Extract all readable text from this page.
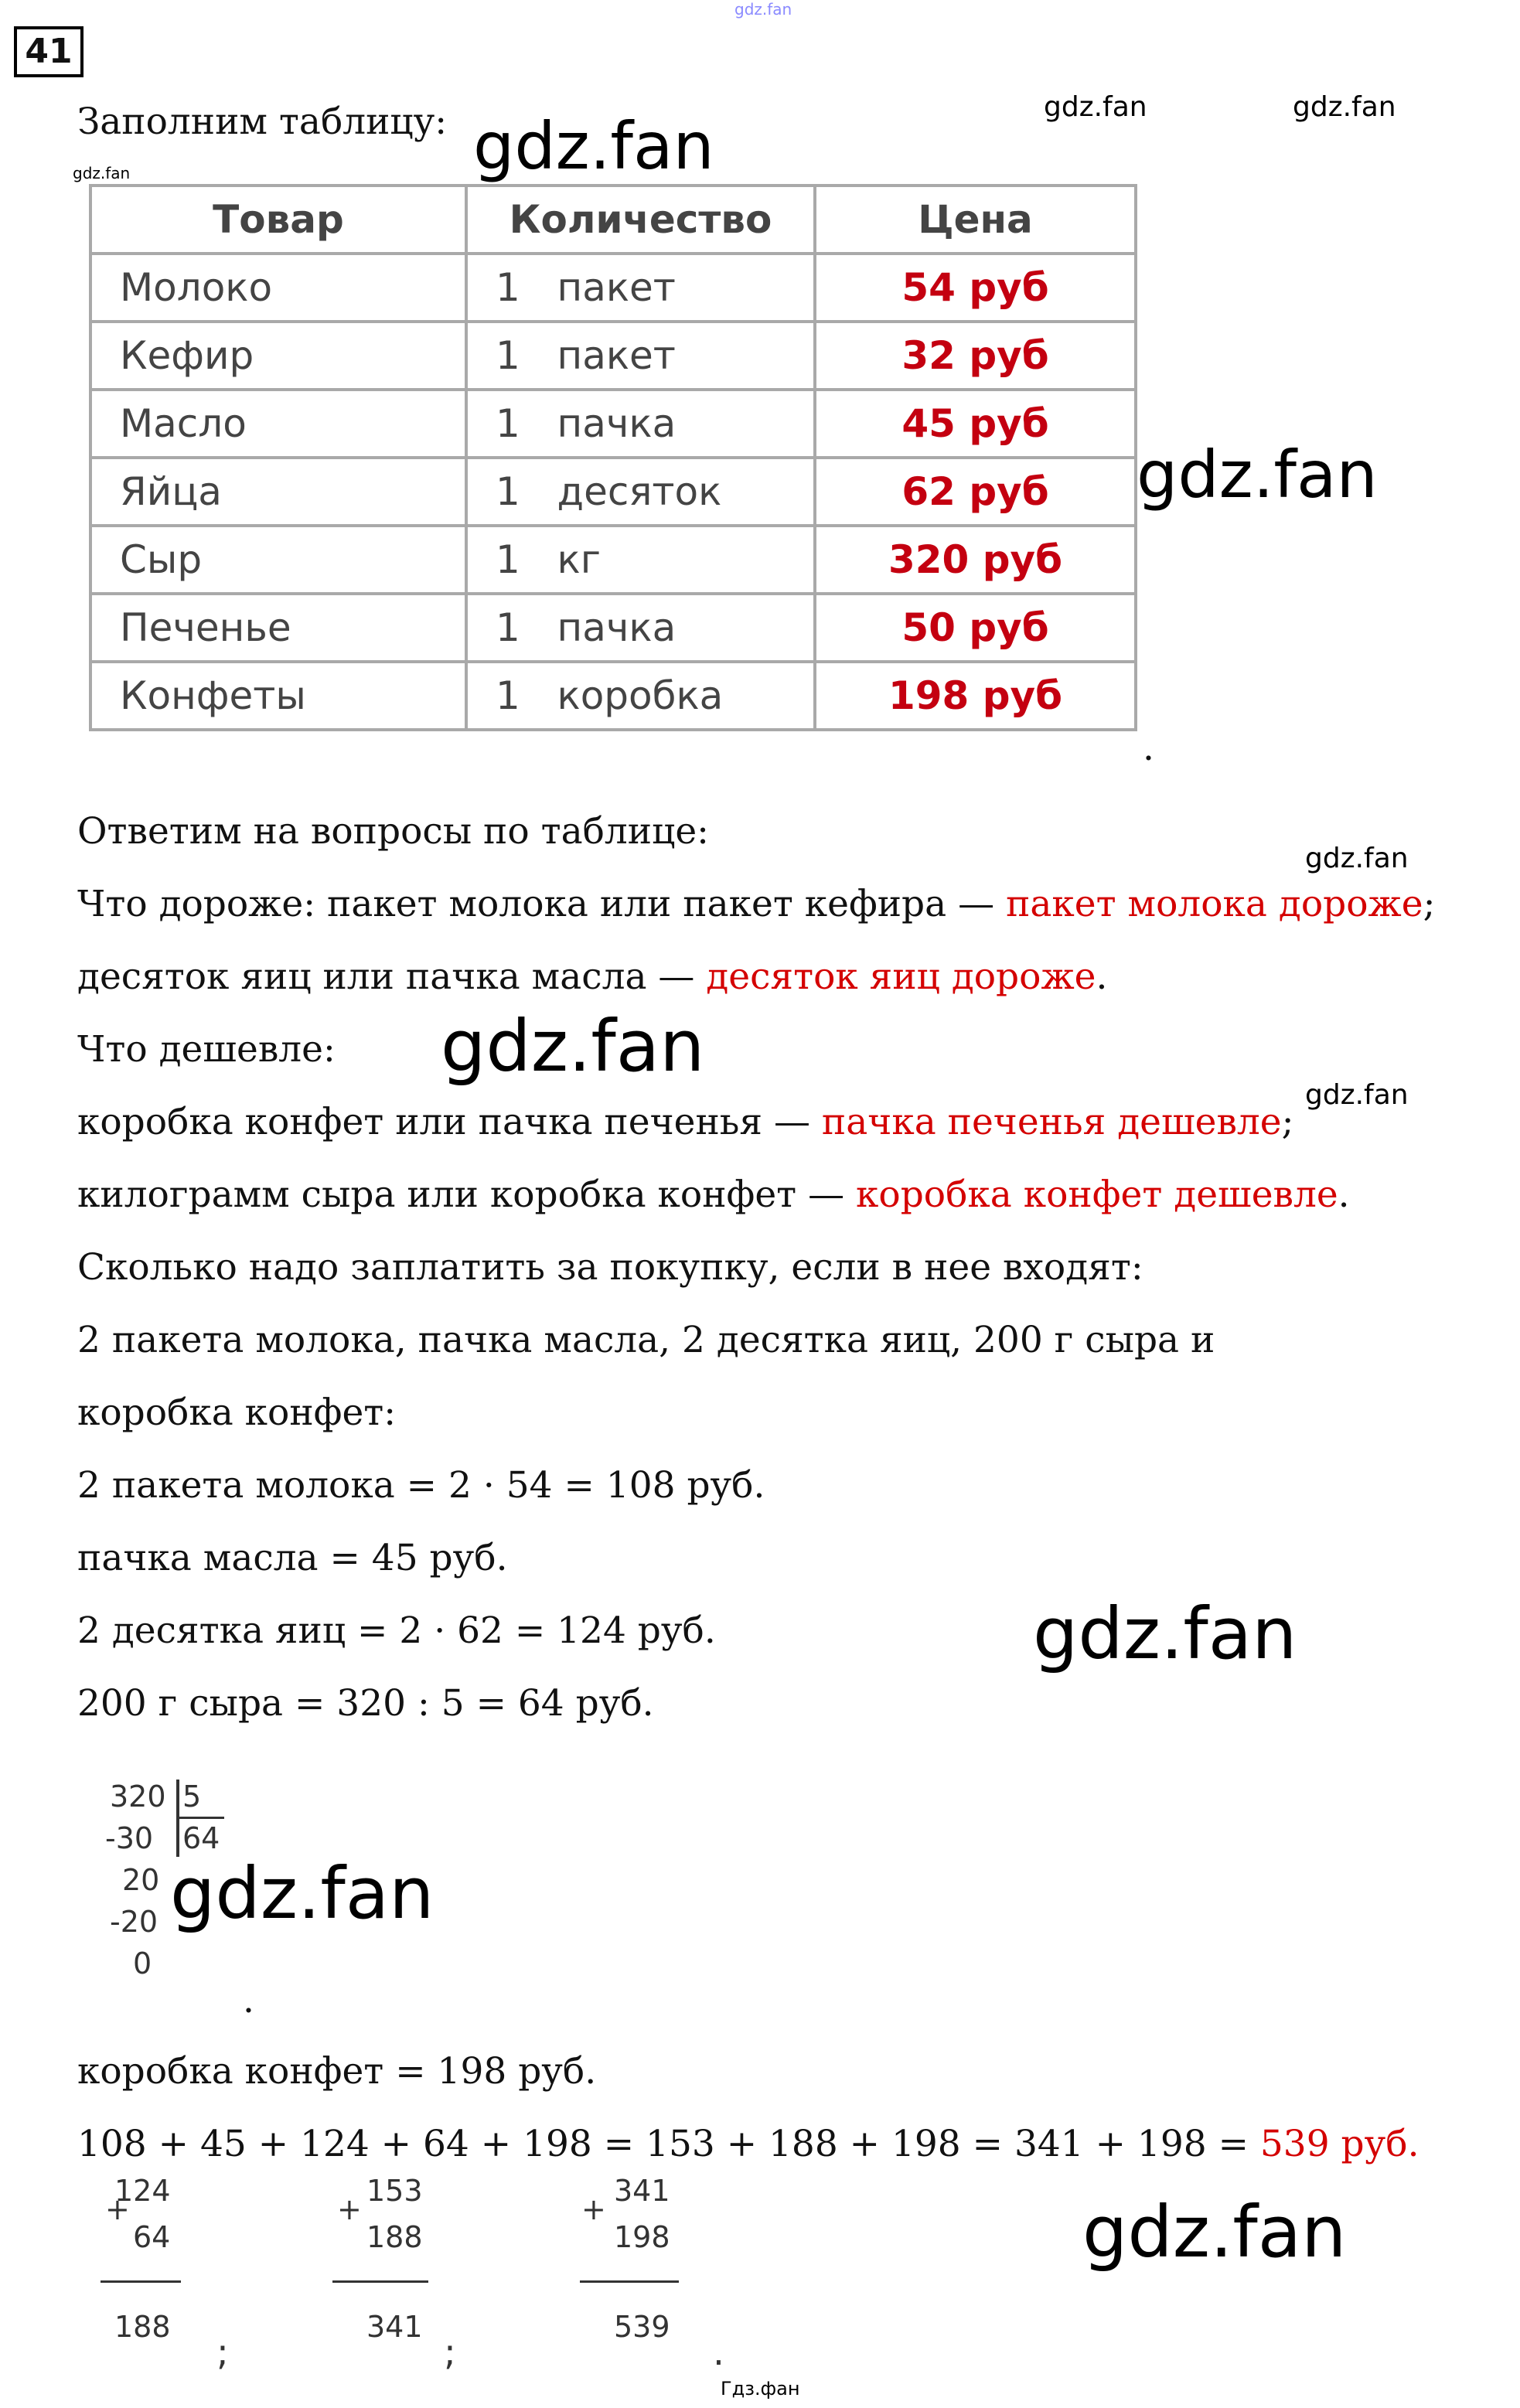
41
gdz.fan
Заполним таблицу: gdz.fan
gdz.fan	gdz.fan
gdz.fan
Товар	Количество	Цена
Молоко	1 пакет	54 руб
Кефир	1 пакет	32 руб
Масло	1 пачка	45 руб
Яйца	1 десяток	62 руб
Сыр	1 кг	320 руб
Печенье	1 пачка	50 руб
Конфеты	1 коробка	198 руб
gdz.fan
.
Ответим на вопросы по таблице:
gdz.fan
Что дороже: пакет молока или пакет кефира — пакет молока дороже;
десяток яиц или пачка масла — десяток яиц дороже.
Что дешевле: gdz.fan
gdz.fan
коробка конфет или пачка печенья — пачка печенья дешевле;
килограмм сыра или коробка конфет — коробка конфет дешевле.
Сколько надо заплатить за покупку, если в нее входят:
2 пакета молока, пачка масла, 2 десятка яиц, 200 г сыра и
коробка конфет:
2 пакета молока = 2 · 54 = 108 руб.
пачка масла = 45 руб.
2 десятка яиц = 2 · 62 = 124 руб.	gdz.fan
200 г сыра = 320 : 5 = 64 руб.
320 5
-30 64
20
-20
0
gdz.fan
.
коробка конфет = 198 руб.
108 + 45 + 124 + 64 + 198 = 153 + 188 + 198 = 341 + 198 = 539 руб.
+
124
64
188
;
+
153
188
341
;
+
341
198
539
.
gdz.fan
Гдз.фан
